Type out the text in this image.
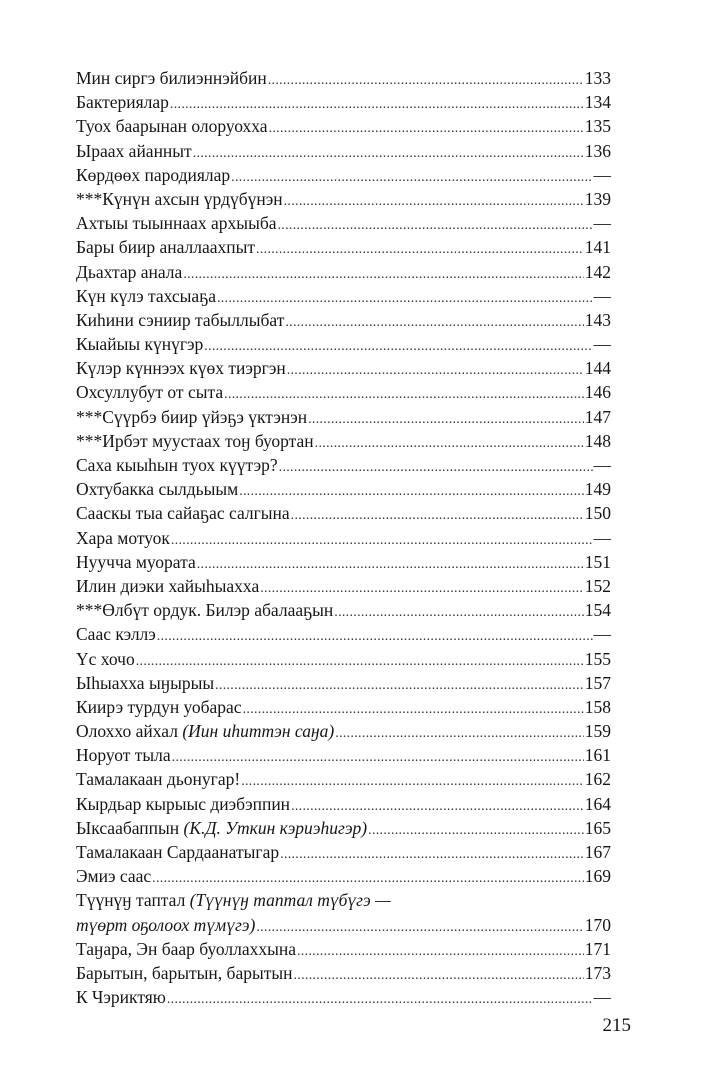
Мин сиргэ билиэннэйбин . . .	133
Бактериялар . . .	134
Туох баарынан олоруохха . . .	135
Ыраах айанныт . . .	136
Көрдөөх пародиялар . . .	—
***Күнүн ахсын үрдүбүнэн . . .	139
Ахтыы тыыннаах архыыба . . .	—
Бары биир аналлаахпыт . . .	141
Дьахтар анала . . .	142
Күн күлэ тахсыаҕа . . .	—
Киһини сэниир табыллыбат . . .	143
Кыайыы күнүгэр . . .	—
Күлэр күннээх күөх тиэргэн . . .	144
Охсуллубут от сыта . . .	146
***Сүүрбэ биир үйэҕэ үктэнэн . . .	147
***Ирбэт муустаах тоӈ буортан . . .	148
Саха кыыһын туох күүтэр? . . .	—
Охтубакка сылдьыым . . .	149
Сааскы тыа сайаҕас салгына . . .	150
Хара мотуок . . .	—
Нуучча муората . . .	151
Илин диэки хайыһыахха . . .	152
***Өлбүт ордук. Билэр абалааҕын . . .	154
Саас кэллэ . . .	—
Үс хочо . . .	155
Ыһыахха ыӈырыы . . .	157
Киирэ турдун уобарас . . .	158
Олоххо айхал (Иин иһиттэн саӈа) . . .	159
Норуот тыла . . .	161
Тамалакаан дьонугар! . . .	162
Кырдьар кырыыс диэбэппин . . .	164
Ыксаабаппын (К.Д. Уткин кэриэһигэр) . . .	165
Тамалакаан Сардаанатыгар . . .	167
Эмиэ саас . . .	169
Түүнүӈ таптал (Түүнүӈ таптал түбүгэ —
түөрт оҕолоох түмүгэ) . . .	170
Таӈара, Эн баар буоллаххына . . .	171
Барытын, барытын, барытын . . .	173
К Чэриктяю . . .	—
215
